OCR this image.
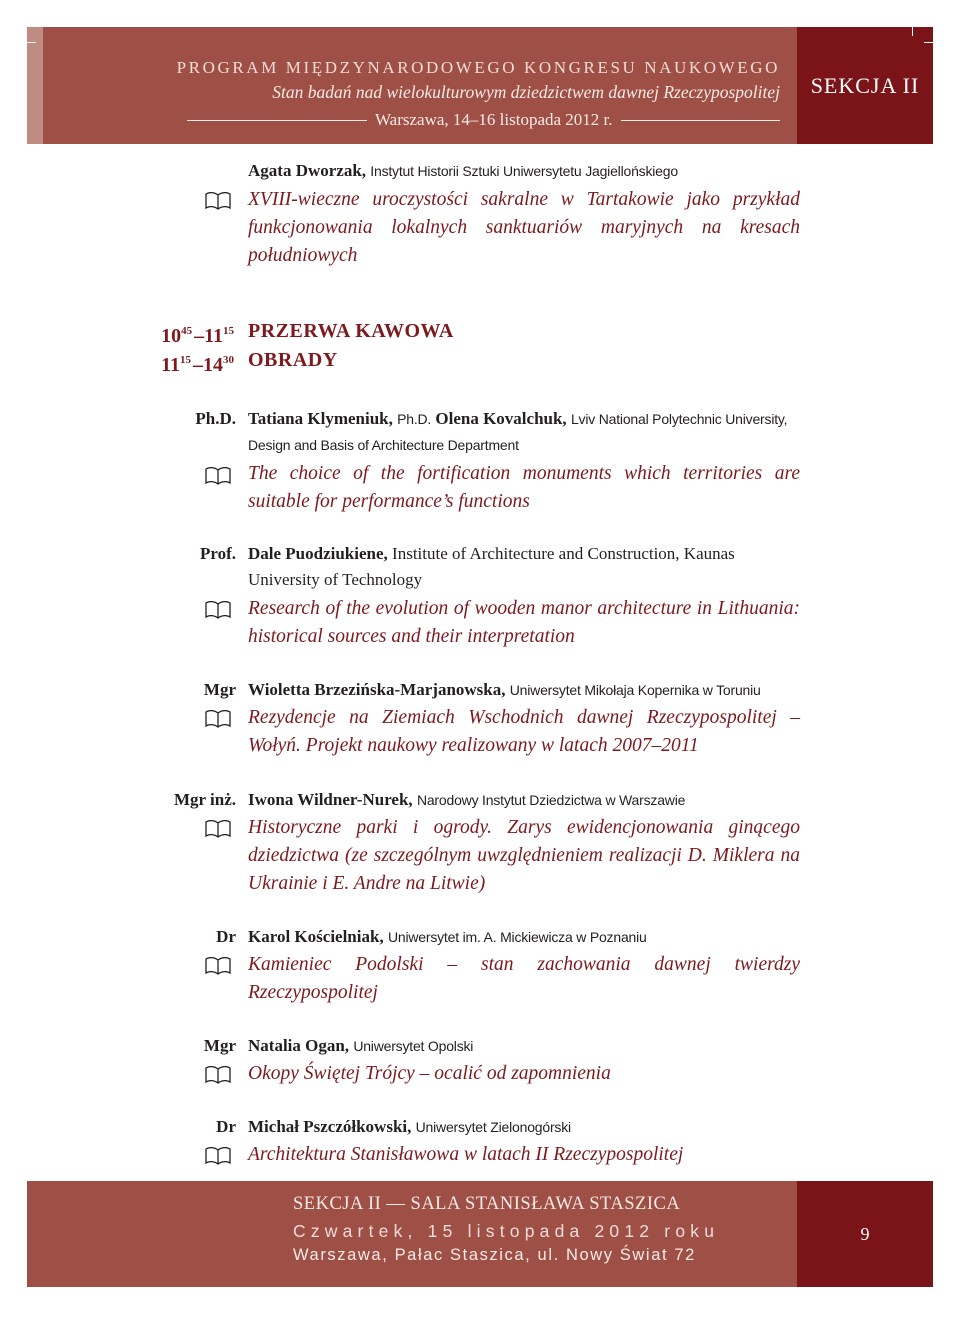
PROGRAM MIĘDZYNARODOWEGO KONGRESU NAUKOWEGO
Stan badań nad wielokulturowym dziedzictwem dawnej Rzeczypospolitej
Warszawa, 14–16 listopada 2012 r.
SEKCJA II
Agata Dworzak, Instytut Historii Sztuki Uniwersytetu Jagiellońskiego
XVIII-wieczne uroczystości sakralne w Tartakowie jako przykład funkcjonowania lokalnych sanktuariów maryjnych na kresach południowych
$10^{45}$ $-11^{15}$ PRZERWA KAWOWA
$11^{15}$ $-14^{30}$ OBRADY
Ph.D. Tatiana Klymeniuk, Ph.D. Olena Kovalchuk, Lviv National Polytechnic University, Design and Basis of Architecture Department
The choice of the fortification monuments which territories are suitable for performance’s functions
Prof. Dale Puodziukiene, Institute of Architecture and Construction, Kaunas University of Technology
Research of the evolution of wooden manor architecture in Lithuania: historical sources and their interpretation
Mgr Wioletta Brzezińska-Marjanowska, Uniwersytet Mikołaja Kopernika w Toruniu
Rezydencje na Ziemiach Wschodnich dawnej Rzeczypospolitej – Wołyń. Projekt naukowy realizowany w latach 2007–2011
Mgr inż. Iwona Wildner-Nurek, Narodowy Instytut Dziedzictwa w Warszawie
Historyczne parki i ogrody. Zarys ewidencjonowania ginącego dziedzictwa (ze szczególnym uwzględnieniem realizacji D. Miklera na Ukrainie i E. Andre na Litwie)
Dr Karol Kościelniak, Uniwersytet im. A. Mickiewicza w Poznaniu
Kamieniec Podolski – stan zachowania dawnej twierdzy Rzeczypospolitej
Mgr Natalia Ogan, Uniwersytet Opolski
Okopy Świętej Trójcy – ocalić od zapomnienia
Dr Michał Pszczółkowski, Uniwersytet Zielonogórski
Architektura Stanisławowa w latach II Rzeczypospolitej
SEKCJA II — SALA STANISŁAWA STASZICA
Czwartek, 15 listopada 2012 roku
Warszawa, Pałac Staszica, ul. Nowy Świat 72
9
